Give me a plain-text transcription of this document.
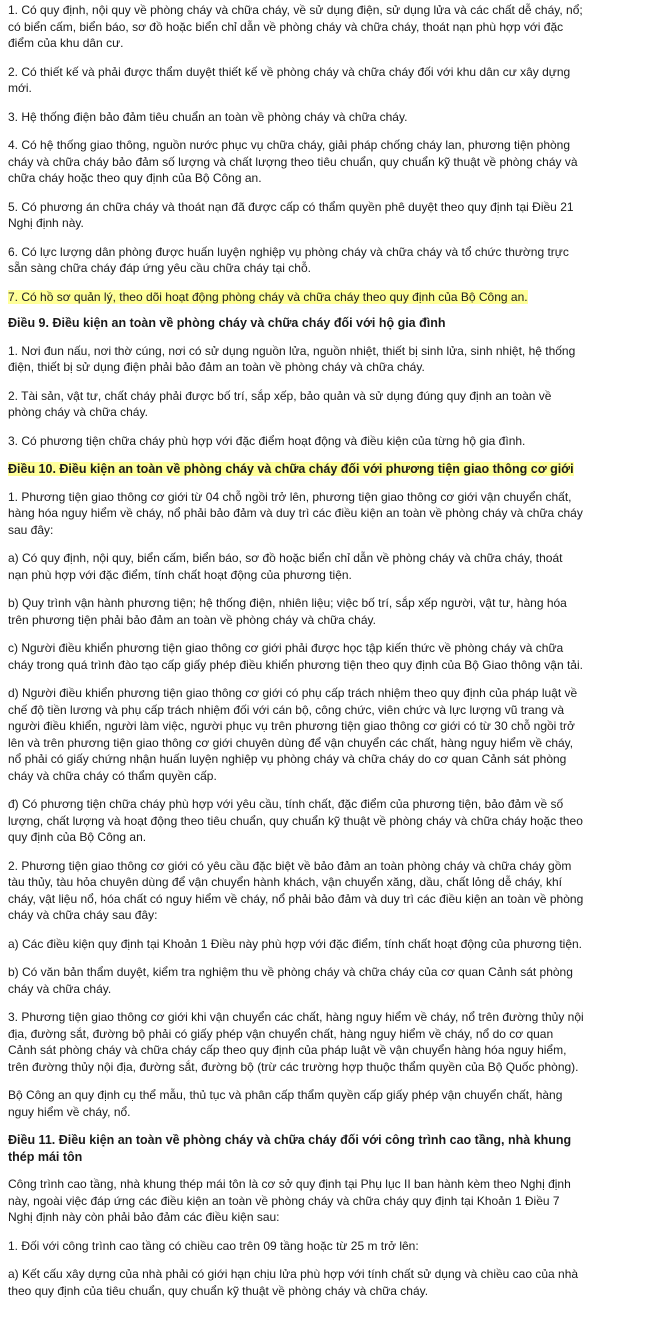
1. Có quy định, nội quy về phòng cháy và chữa cháy, về sử dụng điện, sử dụng lửa và các chất dễ cháy, nổ; có biển cấm, biển báo, sơ đồ hoặc biển chỉ dẫn về phòng cháy và chữa cháy, thoát nạn phù hợp với đặc điểm của khu dân cư.

2. Có thiết kế và phải được thẩm duyệt thiết kế về phòng cháy và chữa cháy đối với khu dân cư xây dựng mới.

3. Hệ thống điện bảo đảm tiêu chuẩn an toàn về phòng cháy và chữa cháy.

4. Có hệ thống giao thông, nguồn nước phục vụ chữa cháy, giải pháp chống cháy lan, phương tiện phòng cháy và chữa cháy bảo đảm số lượng và chất lượng theo tiêu chuẩn, quy chuẩn kỹ thuật về phòng cháy và chữa cháy hoặc theo quy định của Bộ Công an.

5. Có phương án chữa cháy và thoát nạn đã được cấp có thẩm quyền phê duyệt theo quy định tại Điều 21 Nghị định này.

6. Có lực lượng dân phòng được huấn luyện nghiệp vụ phòng cháy và chữa cháy và tổ chức thường trực sẵn sàng chữa cháy đáp ứng yêu cầu chữa cháy tại chỗ.

7. Có hồ sơ quản lý, theo dõi hoạt động phòng cháy và chữa cháy theo quy định của Bộ Công an.

Điều 9. Điều kiện an toàn về phòng cháy và chữa cháy đối với hộ gia đình

1. Nơi đun nấu, nơi thờ cúng, nơi có sử dụng nguồn lửa, nguồn nhiệt, thiết bị sinh lửa, sinh nhiệt, hệ thống điện, thiết bị sử dụng điện phải bảo đảm an toàn về phòng cháy và chữa cháy.

2. Tài sản, vật tư, chất cháy phải được bố trí, sắp xếp, bảo quản và sử dụng đúng quy định an toàn về phòng cháy và chữa cháy.

3. Có phương tiện chữa cháy phù hợp với đặc điểm hoạt động và điều kiện của từng hộ gia đình.

Điều 10. Điều kiện an toàn về phòng cháy và chữa cháy đối với phương tiện giao thông cơ giới

1. Phương tiện giao thông cơ giới từ 04 chỗ ngồi trở lên, phương tiện giao thông cơ giới vận chuyển chất, hàng hóa nguy hiểm về cháy, nổ phải bảo đảm và duy trì các điều kiện an toàn về phòng cháy và chữa cháy sau đây:

a) Có quy định, nội quy, biển cấm, biển báo, sơ đồ hoặc biển chỉ dẫn về phòng cháy và chữa cháy, thoát nạn phù hợp với đặc điểm, tính chất hoạt động của phương tiện.

b) Quy trình vận hành phương tiện; hệ thống điện, nhiên liệu; việc bố trí, sắp xếp người, vật tư, hàng hóa trên phương tiện phải bảo đảm an toàn về phòng cháy và chữa cháy.

c) Người điều khiển phương tiện giao thông cơ giới phải được học tập kiến thức về phòng cháy và chữa cháy trong quá trình đào tạo cấp giấy phép điều khiển phương tiện theo quy định của Bộ Giao thông vận tải.

d) Người điều khiển phương tiện giao thông cơ giới có phụ cấp trách nhiệm theo quy định của pháp luật về chế độ tiền lương và phụ cấp trách nhiệm đối với cán bộ, công chức, viên chức và lực lượng vũ trang và người điều khiển, người làm việc, người phục vụ trên phương tiện giao thông cơ giới có từ 30 chỗ ngồi trở lên và trên phương tiện giao thông cơ giới chuyên dùng để vận chuyển các chất, hàng nguy hiểm về cháy, nổ phải có giấy chứng nhận huấn luyện nghiệp vụ phòng cháy và chữa cháy do cơ quan Cảnh sát phòng cháy và chữa cháy có thẩm quyền cấp.

đ) Có phương tiện chữa cháy phù hợp với yêu cầu, tính chất, đặc điểm của phương tiện, bảo đảm về số lượng, chất lượng và hoạt động theo tiêu chuẩn, quy chuẩn kỹ thuật về phòng cháy và chữa cháy hoặc theo quy định của Bộ Công an.

2. Phương tiện giao thông cơ giới có yêu cầu đặc biệt về bảo đảm an toàn phòng cháy và chữa cháy gồm tàu thủy, tàu hỏa chuyên dùng để vận chuyển hành khách, vận chuyển xăng, dầu, chất lỏng dễ cháy, khí cháy, vật liệu nổ, hóa chất có nguy hiểm về cháy, nổ phải bảo đảm và duy trì các điều kiện an toàn về phòng cháy và chữa cháy sau đây:

a) Các điều kiện quy định tại Khoản 1 Điều này phù hợp với đặc điểm, tính chất hoạt động của phương tiện.

b) Có văn bản thẩm duyệt, kiểm tra nghiệm thu về phòng cháy và chữa cháy của cơ quan Cảnh sát phòng cháy và chữa cháy.

3. Phương tiện giao thông cơ giới khi vận chuyển các chất, hàng nguy hiểm về cháy, nổ trên đường thủy nội địa, đường sắt, đường bộ phải có giấy phép vận chuyển chất, hàng nguy hiểm về cháy, nổ do cơ quan Cảnh sát phòng cháy và chữa cháy cấp theo quy định của pháp luật về vận chuyển hàng hóa nguy hiểm, trên đường thủy nội địa, đường sắt, đường bộ (trừ các trường hợp thuộc thẩm quyền của Bộ Quốc phòng).

Bộ Công an quy định cụ thể mẫu, thủ tục và phân cấp thẩm quyền cấp giấy phép vận chuyển chất, hàng nguy hiểm về cháy, nổ.

Điều 11. Điều kiện an toàn về phòng cháy và chữa cháy đối với công trình cao tầng, nhà khung thép mái tôn

Công trình cao tầng, nhà khung thép mái tôn là cơ sở quy định tại Phụ lục II ban hành kèm theo Nghị định này, ngoài việc đáp ứng các điều kiện an toàn về phòng cháy và chữa cháy quy định tại Khoản 1 Điều 7 Nghị định này còn phải bảo đảm các điều kiện sau:

1. Đối với công trình cao tầng có chiều cao trên 09 tầng hoặc từ 25 m trở lên:

a) Kết cấu xây dựng của nhà phải có giới hạn chịu lửa phù hợp với tính chất sử dụng và chiều cao của nhà theo quy định của tiêu chuẩn, quy chuẩn kỹ thuật về phòng cháy và chữa cháy.
